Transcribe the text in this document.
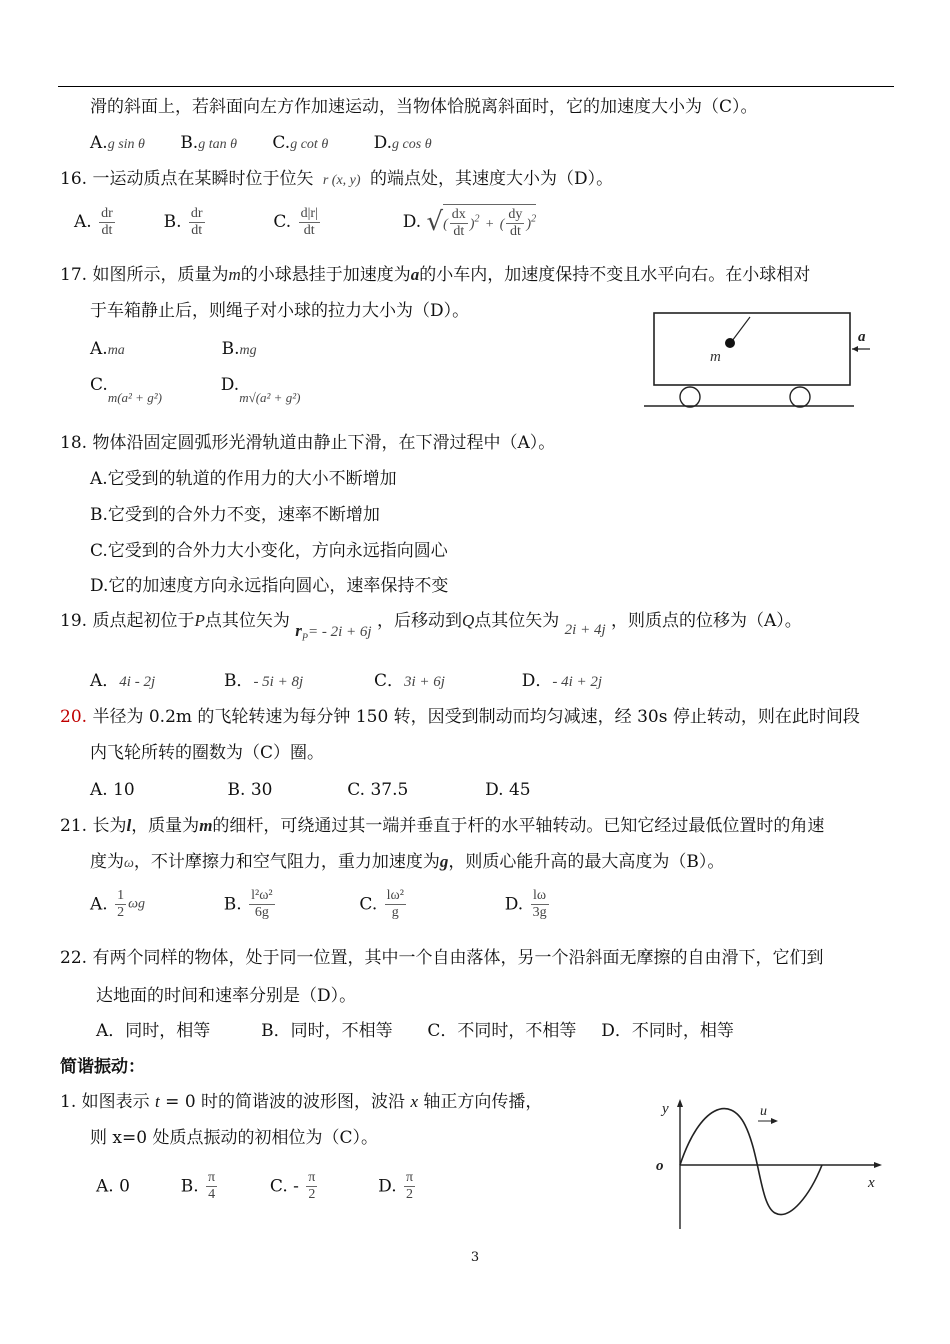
滑的斜面上，若斜面向左方作加速运动，当物体恰脱离斜面时，它的加速度大小为（C）。
A.g sin θ B.g tan θ C.g cot θ	D.g cos θ
16. 一运动质点在某瞬时位于位矢 r (x, y) 的端点处，其速度大小为（D）。
A. $\frac{dr}{dt}$	B. $\frac{dr}{dt}$	C. $\frac{d|r|}{dt}$	D. √( $\frac{dx}{dt} )^2$ + ( $\frac{dy}{dt} )^2$
17. 如图所示，质量为m的小球悬挂于加速度为a的小车内，加速度保持不变且水平向右。在小球相对
于车箱静止后，则绳子对小球的拉力大小为（D）。
A.ma	B.mg
$C._{m(a^2 + g^2)}$  $D._{m√(a^2 + g^2)}$
m
a
18. 物体沿固定圆弧形光滑轨道由静止下滑，在下滑过程中（A）。
A.它受到的轨道的作用力的大小不断增加
B.它受到的合外力不变，速率不断增加
C.它受到的合外力大小变化，方向永远指向圆心
D.它的加速度方向永远指向圆心，速率保持不变
19. 质点起初位于P点其位矢为 $r_P= - 2i + 6j$ ，后移动到Q点其位矢为 2i + 4j ，则质点的位移为（A）。
A．4i - 2j	B．- 5i + 8j	C．3i + 6j	D．- 4i + 2j
20. 半径为 0.2m 的飞轮转速为每分钟 150 转，因受到制动而均匀减速，经 30s 停止转动，则在此时间段
内飞轮所转的圈数为（C）圈。
A. 10	B. 30	C. 37.5	D. 45
21. 长为l，质量为m的细杆，可绕通过其一端并垂直于杆的水平轴转动。已知它经过最低位置时的角速
度为ω，不计摩擦力和空气阻力，重力加速度为g，则质心能升高的最大高度为（B）。
A. $\frac{1}{2}$ ωg	B. $\frac{\text{l²ω²}}{6g}$	C. $\frac{\text{lω²}}{g}$	D. $\frac{l\omega}{3g}$
22. 有两个同样的物体，处于同一位置，其中一个自由落体，另一个沿斜面无摩擦的自由滑下，它们到
达地面的时间和速率分别是（D）。
A．同时，相等	B．同时，不相等 C．不同时，不相等 D．不同时，相等
简谐振动：
1. 如图表示 t = 0 时的简谐波的波形图，波沿 x 轴正方向传播，
则 x=0 处质点振动的初相位为（C）。
A. 0	B. $\frac{\pi}{4}$	C. - $\frac{\pi}{2}$	D. $\frac{\pi}{2}$
y
x
o
u
3
